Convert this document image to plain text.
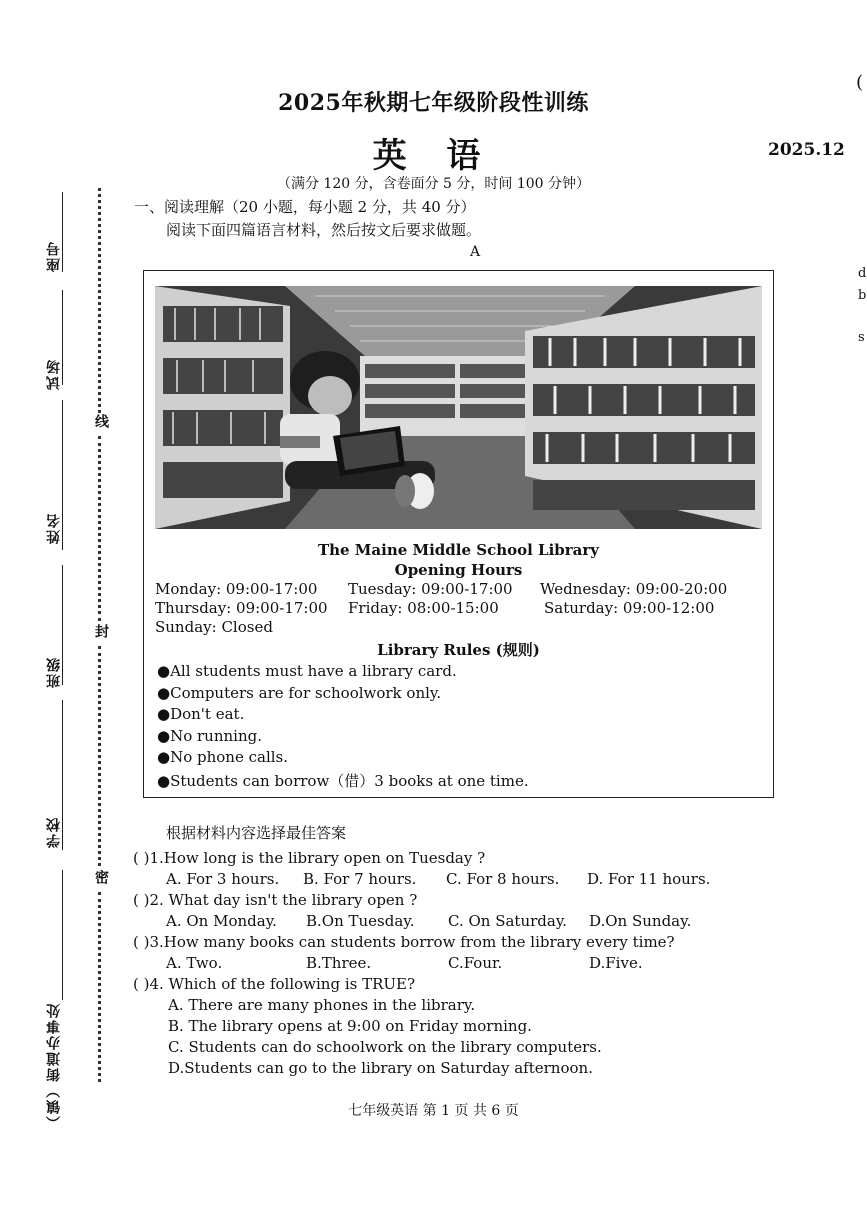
(
d
b
s
座号
试场
姓名
班级
学校
（镇）街道办事处
线
封
密
2025年秋期七年级阶段性训练
英 语	2025.12
（满分 120 分，含卷面分 5 分，时间 100 分钟）
一、阅读理解（20 小题，每小题 2 分，共 40 分）
阅读下面四篇语言材料，然后按文后要求做题。
A
The Maine Middle School Library
Opening Hours
Monday: 09:00-17:00 Tuesday: 09:00-17:00 Wednesday: 09:00-20:00
Thursday: 09:00-17:00 Friday: 08:00-15:00	Saturday: 09:00-12:00
Sunday: Closed
Library Rules (规则)
●All students must have a library card.
●Computers are for schoolwork only.
●Don't eat.
●No running.
●No phone calls.
●Students can borrow（借）3 books at one time.
根据材料内容选择最佳答案
( )1.How long is the library open on Tuesday ?
A. For 3 hours. B. For 7 hours. C. For 8 hours. D. For 11 hours.
( )2. What day isn't the library open ?
A. On Monday. B.On Tuesday. C. On Saturday. D.On Sunday.
( )3.How many books can students borrow from the library every time?
A. Two.	B.Three.	C.Four.	D.Five.
( )4. Which of the following is TRUE?
A. There are many phones in the library.
B. The library opens at 9:00 on Friday morning.
C. Students can do schoolwork on the library computers.
D.Students can go to the library on Saturday afternoon.
七年级英语 第 1 页 共 6 页
